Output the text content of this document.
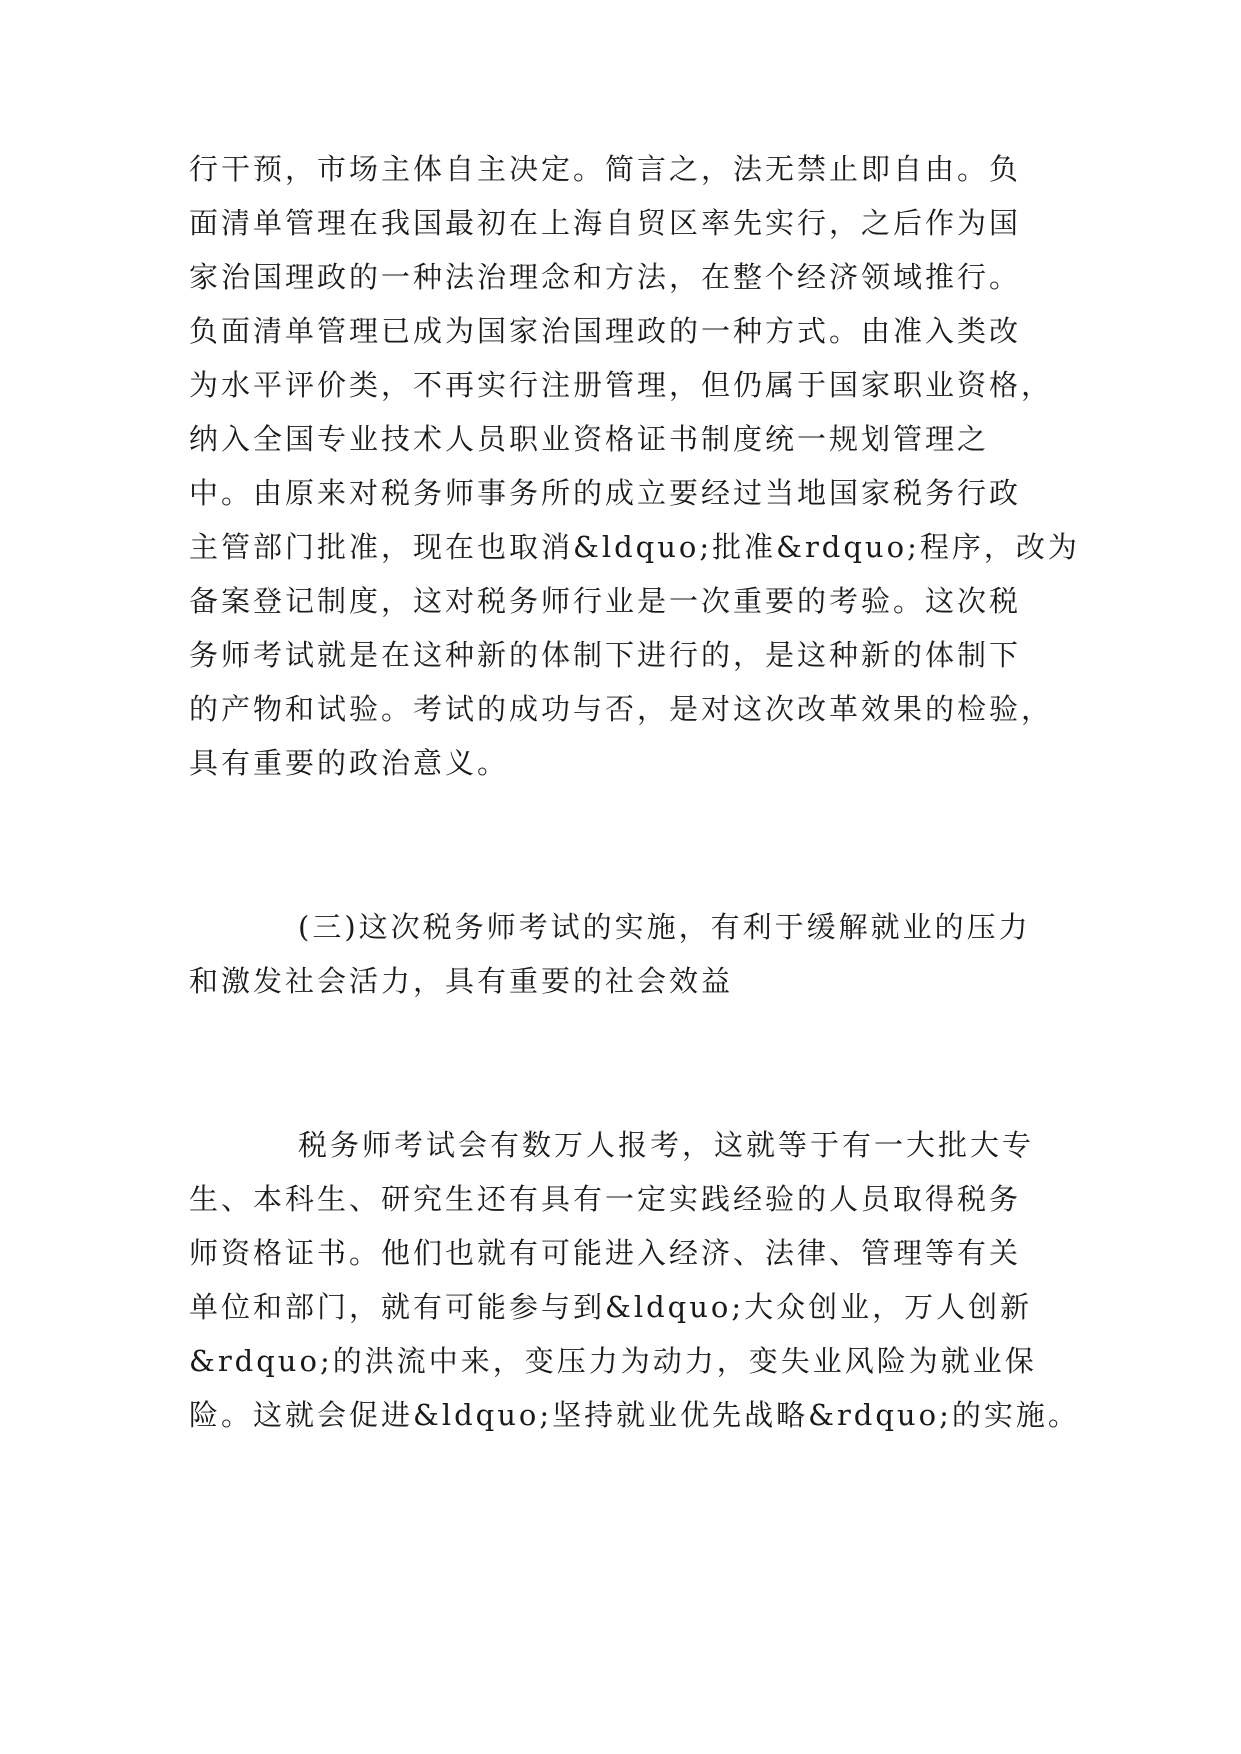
行干预，市场主体自主决定。简言之，法无禁止即自由。负

面清单管理在我国最初在上海自贸区率先实行，之后作为国

家治国理政的一种法治理念和方法，在整个经济领域推行。

负面清单管理已成为国家治国理政的一种方式。由准入类改

为水平评价类，不再实行注册管理，但仍属于国家职业资格，

纳入全国专业技术人员职业资格证书制度统一规划管理之

中。由原来对税务师事务所的成立要经过当地国家税务行政

主管部门批准，现在也取消&ldquo;批准&rdquo;程序，改为

备案登记制度，这对税务师行业是一次重要的考验。这次税

务师考试就是在这种新的体制下进行的，是这种新的体制下

的产物和试验。考试的成功与否，是对这次改革效果的检验，

具有重要的政治意义。

(三)这次税务师考试的实施，有利于缓解就业的压力

和激发社会活力，具有重要的社会效益

税务师考试会有数万人报考，这就等于有一大批大专

生、本科生、研究生还有具有一定实践经验的人员取得税务

师资格证书。他们也就有可能进入经济、法律、管理等有关

单位和部门，就有可能参与到&ldquo;大众创业，万人创新

&rdquo;的洪流中来，变压力为动力，变失业风险为就业保

险。这就会促进&ldquo;坚持就业优先战略&rdquo;的实施。
